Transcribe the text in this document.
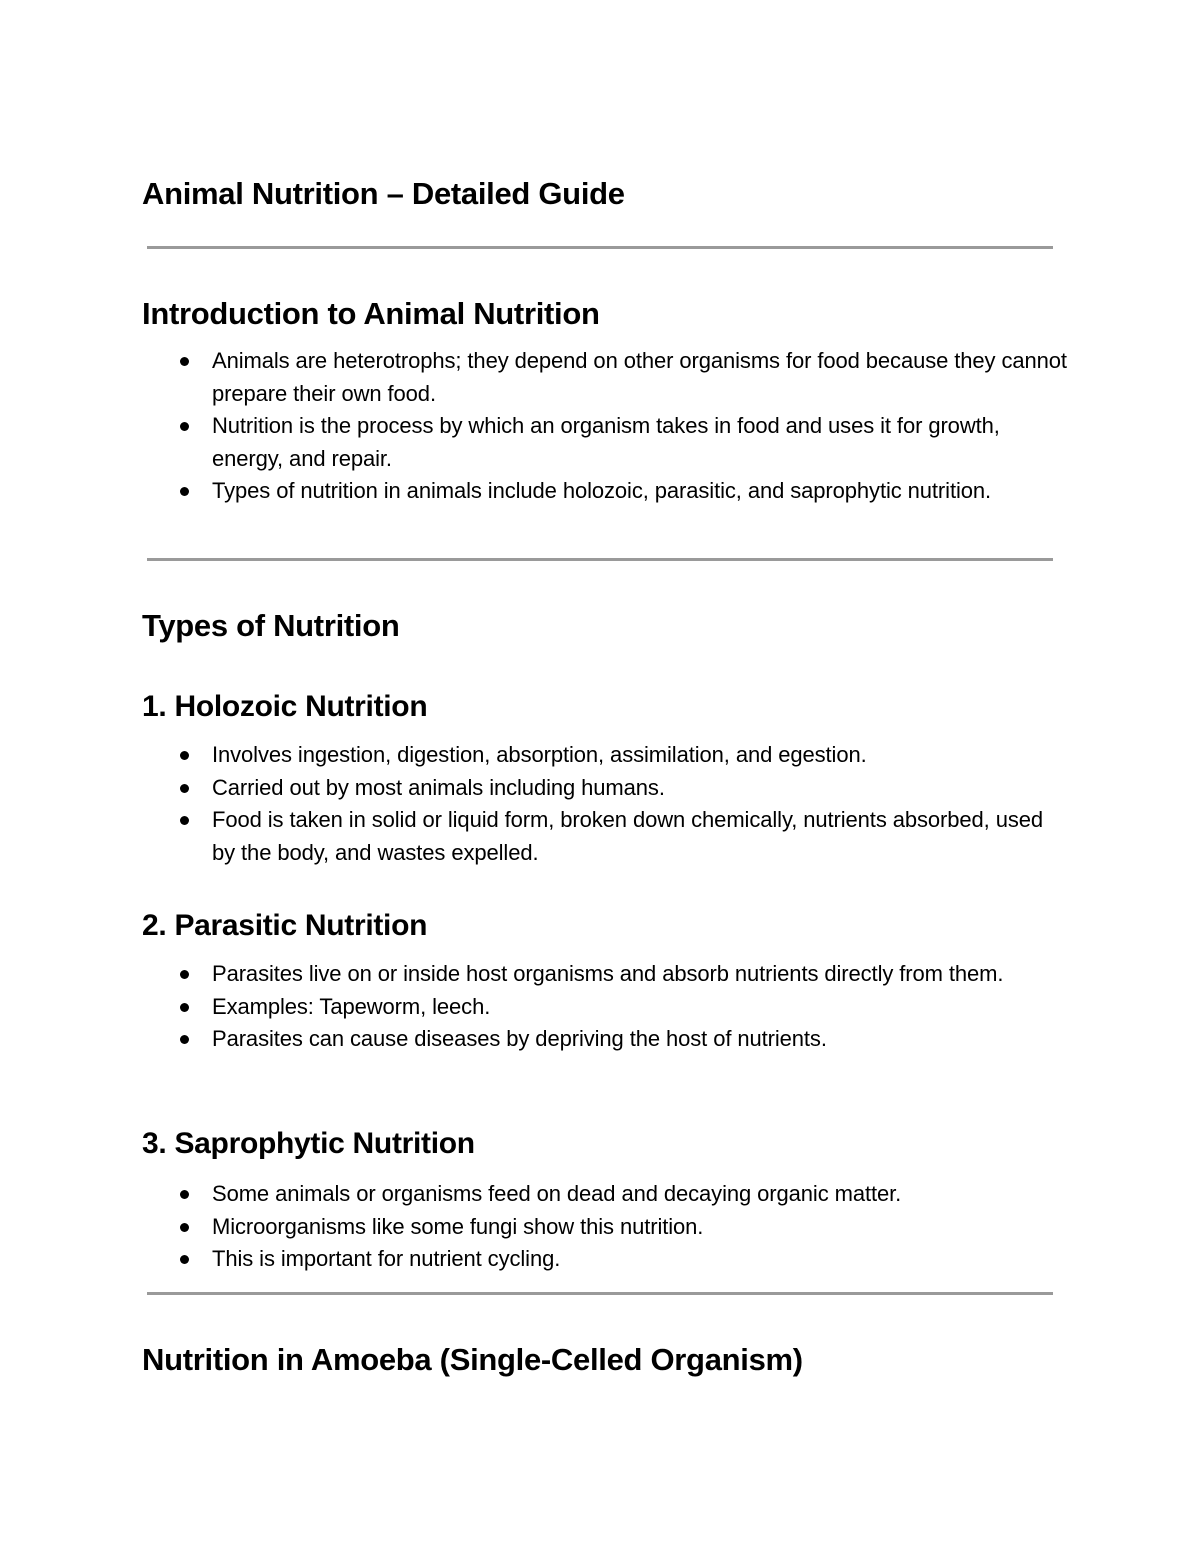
Animal Nutrition – Detailed Guide
Introduction to Animal Nutrition
Animals are heterotrophs; they depend on other organisms for food because they cannot prepare their own food.
Nutrition is the process by which an organism takes in food and uses it for growth, energy, and repair.
Types of nutrition in animals include holozoic, parasitic, and saprophytic nutrition.
Types of Nutrition
1. Holozoic Nutrition
Involves ingestion, digestion, absorption, assimilation, and egestion.
Carried out by most animals including humans.
Food is taken in solid or liquid form, broken down chemically, nutrients absorbed, used by the body, and wastes expelled.
2. Parasitic Nutrition
Parasites live on or inside host organisms and absorb nutrients directly from them.
Examples: Tapeworm, leech.
Parasites can cause diseases by depriving the host of nutrients.
3. Saprophytic Nutrition
Some animals or organisms feed on dead and decaying organic matter.
Microorganisms like some fungi show this nutrition.
This is important for nutrient cycling.
Nutrition in Amoeba (Single-Celled Organism)
